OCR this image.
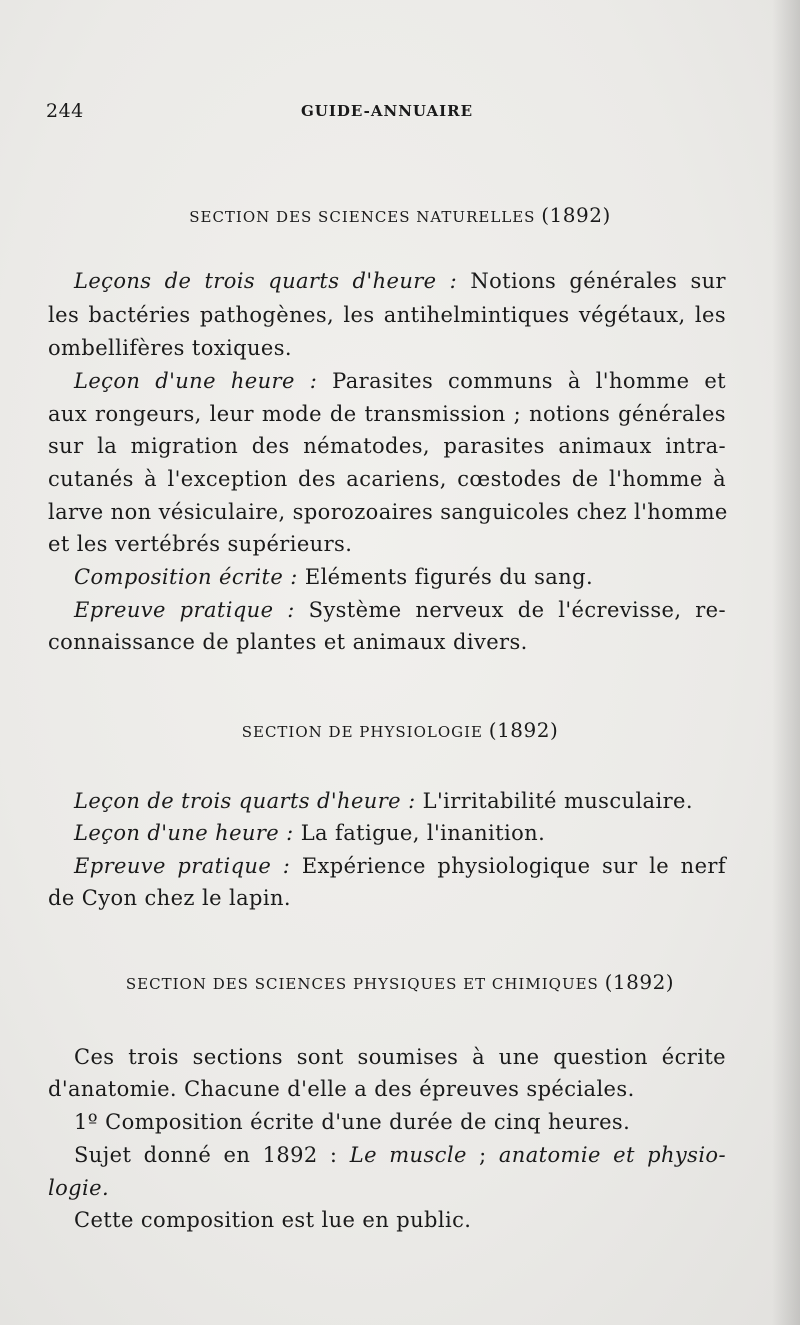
244	GUIDE-ANNUAIRE
SECTION DES SCIENCES NATURELLES (1892)
Leçons de trois quarts d'heure : Notions générales sur
les bactéries pathogènes, les antihelmintiques végétaux, les
ombellifères toxiques.
Leçon d'une heure : Parasites communs à l'homme et
aux rongeurs, leur mode de transmission ; notions générales
sur la migration des nématodes, parasites animaux intra-
cutanés à l'exception des acariens, cœstodes de l'homme à
larve non vésiculaire, sporozoaires sanguicoles chez l'homme
et les vertébrés supérieurs.
Composition écrite : Eléments figurés du sang.
Epreuve pratique : Système nerveux de l'écrevisse, re-
connaissance de plantes et animaux divers.
SECTION DE PHYSIOLOGIE (1892)
Leçon de trois quarts d'heure : L'irritabilité musculaire.
Leçon d'une heure : La fatigue, l'inanition.
Epreuve pratique : Expérience physiologique sur le nerf
de Cyon chez le lapin.
SECTION DES SCIENCES PHYSIQUES ET CHIMIQUES (1892)
Ces trois sections sont soumises à une question écrite
d'anatomie. Chacune d'elle a des épreuves spéciales.
1º Composition écrite d'une durée de cinq heures.
Sujet donné en 1892 : Le muscle ; anatomie et physio-
logie.
Cette composition est lue en public.
